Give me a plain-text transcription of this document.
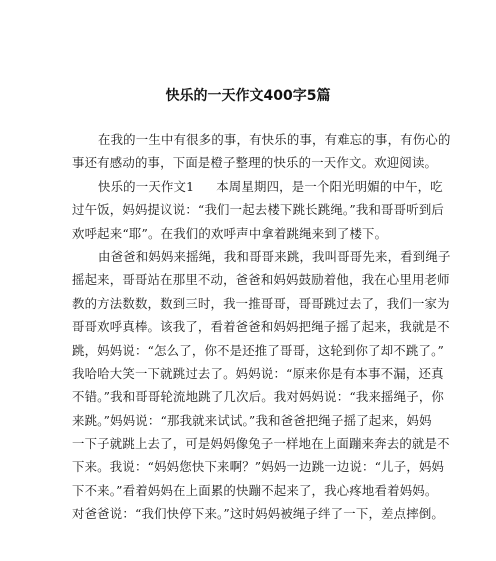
快乐的一天作文400字5篇
在我的一生中有很多的事，有快乐的事，有难忘的事，有伤心的
事还有感动的事，下面是橙子整理的快乐的一天作文。欢迎阅读。
快乐的一天作文1 本周星期四，是一个阳光明媚的中午，吃
过午饭，妈妈提议说：“我们一起去楼下跳长跳绳。”我和哥哥听到后
欢呼起来“耶”。在我们的欢呼声中拿着跳绳来到了楼下。
由爸爸和妈妈来摇绳，我和哥哥来跳，我叫哥哥先来，看到绳子
摇起来，哥哥站在那里不动，爸爸和妈妈鼓励着他，我在心里用老师
教的方法数数，数到三时，我一推哥哥，哥哥跳过去了，我们一家为
哥哥欢呼真棒。该我了，看着爸爸和妈妈把绳子摇了起来，我就是不
跳，妈妈说：“怎么了，你不是还推了哥哥，这轮到你了却不跳了。”
我哈哈大笑一下就跳过去了。妈妈说：“原来你是有本事不漏，还真
不错。”我和哥哥轮流地跳了几次后。我对妈妈说：“我来摇绳子，你
来跳。”妈妈说：“那我就来试试。”我和爸爸把绳子摇了起来，妈妈
一下子就跳上去了，可是妈妈像兔子一样地在上面蹦来奔去的就是不
下来。我说：“妈妈您快下来啊？”妈妈一边跳一边说：“儿子，妈妈
下不来。”看着妈妈在上面累的快蹦不起来了，我心疼地看着妈妈。
对爸爸说：“我们快停下来。”这时妈妈被绳子绊了一下，差点摔倒。
